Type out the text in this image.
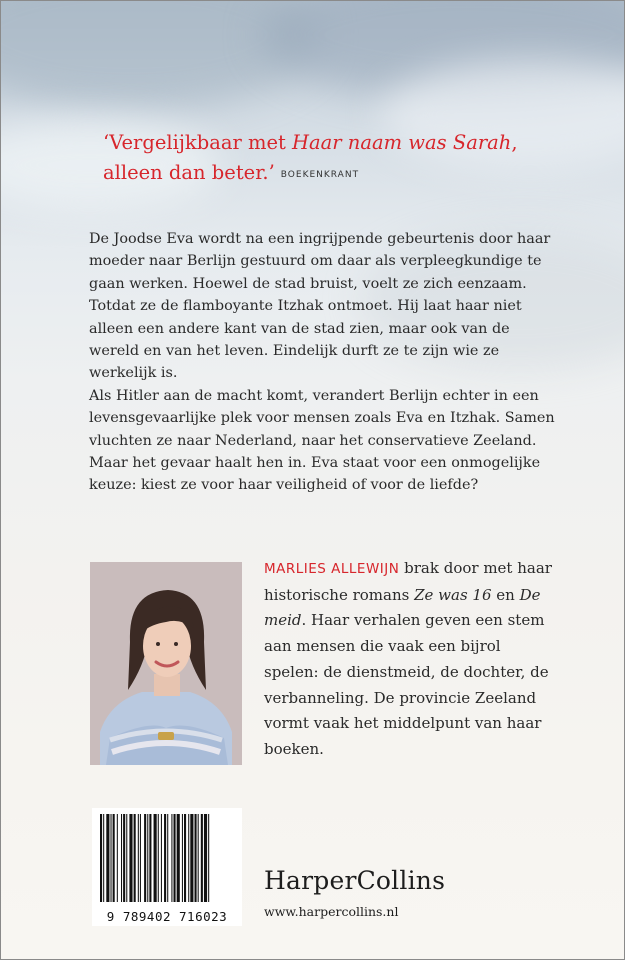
‘Vergelijkbaar met Haar naam was Sarah, alleen dan beter.’ BOEKENKRANT

De Joodse Eva wordt na een ingrijpende gebeurtenis door haar moeder naar Berlijn gestuurd om daar als verpleegkundige te gaan werken. Hoewel de stad bruist, voelt ze zich eenzaam. Totdat ze de flamboyante Itzhak ontmoet. Hij laat haar niet alleen een andere kant van de stad zien, maar ook van de wereld en van het leven. Eindelijk durft ze te zijn wie ze werkelijk is.

Als Hitler aan de macht komt, verandert Berlijn echter in een levensgevaarlijke plek voor mensen zoals Eva en Itzhak. Samen vluchten ze naar Nederland, naar het conservatieve Zeeland. Maar het gevaar haalt hen in. Eva staat voor een onmogelijke keuze: kiest ze voor haar veiligheid of voor de liefde?

MARLIES ALLEWIJN brak door met haar historische romans Ze was 16 en De meid. Haar verhalen geven een stem aan mensen die vaak een bijrol spelen: de dienstmeid, de dochter, de verbanneling. De provincie Zeeland vormt vaak het middelpunt van haar boeken.
9 789402 716023
HarperCollins
www.harpercollins.nl
